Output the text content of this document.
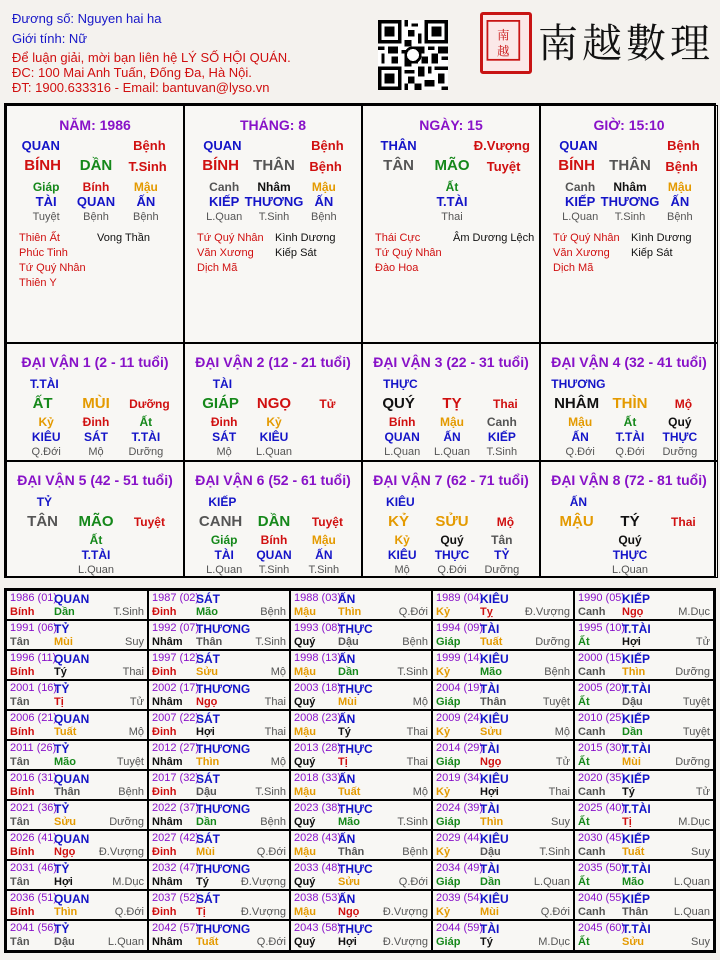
Đương số: Nguyen hai ha
Giới tính: Nữ
Để luận giải, mời bạn liên hệ LÝ SỐ HỘI QUÁN.
ĐC: 100 Mai Anh Tuấn, Đống Đa, Hà Nội.
ĐT: 1900.633316 - Email: bantuvan@lyso.vn
南
越 南越數理
NĂM: 1986
QUAN	Bệnh
BÍNH DẦN T.Sinh
Giáp
TÀI
Tuyệt
Bính
QUAN
Bệnh
Mậu
ẤN
Bệnh
Thiên Ất	Vong Thần
Phúc Tinh
Tứ Quý Nhân
Thiên Y
THÁNG: 8
QUAN	Bệnh
BÍNH THÂN Bệnh
Canh
KIẾP
L.Quan
Nhâm
THƯƠNG
T.Sinh
Mậu
ẤN
Bệnh
Tứ Quý Nhân Kình Dương
Văn Xương Kiếp Sát
Dịch Mã
NGÀY: 15
THÂN	Đ.Vượng
TÂN MÃO Tuyệt
Ất
T.TÀI
Thai
Thái Cực	Âm Dương Lệch
Tứ Quý Nhân
Đào Hoa
GIỜ: 15:10
QUAN	Bệnh
BÍNH THÂN Bệnh
Canh
KIẾP
L.Quan
Nhâm
THƯƠNG
T.Sinh
Mậu
ẤN
Bệnh
Tứ Quý Nhân Kình Dương
Văn Xương Kiếp Sát
Dịch Mã
ĐẠI VẬN 1 (2 - 11 tuổi)
T.TÀI
ẤT MÙI Dưỡng
Kỷ
KIÊU
Q.Đới
Đinh
SÁT
Mộ
Ất
T.TÀI
Dưỡng
ĐẠI VẬN 2 (12 - 21 tuổi)
TÀI
GIÁP NGỌ Tử
Đinh
SÁT
Mộ
Kỷ
KIÊU
L.Quan
ĐẠI VẬN 3 (22 - 31 tuổi)
THỰC
QUÝ TỴ	Thai
Bính
QUAN
L.Quan
Mậu
ẤN
L.Quan
Canh
KIẾP
T.Sinh
ĐẠI VẬN 4 (32 - 41 tuổi)
THƯƠNG
NHÂM THÌN Mộ
Mậu
ẤN
Q.Đới
Ất
T.TÀI
Q.Đới
Quý
THỰC
Dưỡng
ĐẠI VẬN 5 (42 - 51 tuổi)
TỶ
TÂN MÃO Tuyệt
Ất
T.TÀI
L.Quan
ĐẠI VẬN 6 (52 - 61 tuổi)
KIẾP
CANH DẦN Tuyệt
Giáp
TÀI
L.Quan
Bính
QUAN
T.Sinh
Mậu
ẤN
T.Sinh
ĐẠI VẬN 7 (62 - 71 tuổi)
KIÊU
KỶ SỬU Mộ
Kỷ
KIÊU
Mộ
Quý
THỰC
Q.Đới
Tân
TỶ
Dưỡng
ĐẠI VẬN 8 (72 - 81 tuổi)
ẤN
MẬU TÝ	Thai
Quý
THỰC
L.Quan
1986 (01)
QUAN
Bính Dần	T.Sinh
1987 (02)
SÁT
Đinh Mão	Bệnh
1988 (03)
ẤN
Mậu Thìn	Q.Đới
1989 (04)
KIÊU
Kỷ	Tỵ	Đ.Vượng
1990 (05)
KIẾP
Canh Ngọ	M.Dục
1991 (06)
TỶ
Tân Mùi	Suy
1992 (07)
THƯƠNG
Nhâm Thân	T.Sinh
1993 (08)
THỰC
Quý Dậu	Bệnh
1994 (09)
TÀI
Giáp Tuất	Dưỡng
1995 (10)
T.TÀI
Ất	Hợi	Tử
1996 (11)
QUAN
Bính Tý	Thai
1997 (12)
SÁT
Đinh Sửu	Mộ
1998 (13)
ẤN
Mậu Dần	T.Sinh
1999 (14)
KIÊU
Kỷ	Mão	Bệnh
2000 (15)
KIẾP
Canh Thìn	Dưỡng
2001 (16)
TỶ
Tân Tị	Tử
2002 (17)
THƯƠNG
Nhâm Ngọ	Thai
2003 (18)
THỰC
Quý Mùi	Mộ
2004 (19)
TÀI
Giáp Thân	Tuyệt
2005 (20)
T.TÀI
Ất	Dậu	Tuyệt
2006 (21)
QUAN
Bính Tuất	Mộ
2007 (22)
SÁT
Đinh Hợi	Thai
2008 (23)
ẤN
Mậu Tý	Thai
2009 (24)
KIÊU
Kỷ	Sửu	Mộ
2010 (25)
KIẾP
Canh Dần	Tuyệt
2011 (26)
TỶ
Tân Mão	Tuyệt
2012 (27)
THƯƠNG
Nhâm Thìn	Mộ
2013 (28)
THỰC
Quý Tị	Thai
2014 (29)
TÀI
Giáp Ngọ	Tử
2015 (30)
T.TÀI
Ất	Mùi	Dưỡng
2016 (31)
QUAN
Bính Thân	Bệnh
2017 (32)
SÁT
Đinh Dậu	T.Sinh
2018 (33)
ẤN
Mậu Tuất	Mộ
2019 (34)
KIÊU
Kỷ	Hợi	Thai
2020 (35)
KIẾP
Canh Tý	Tử
2021 (36)
TỶ
Tân Sửu	Dưỡng
2022 (37)
THƯƠNG
Nhâm Dần	Bệnh
2023 (38)
THỰC
Quý Mão	T.Sinh
2024 (39)
TÀI
Giáp Thìn	Suy
2025 (40)
T.TÀI
Ất	Tị	M.Dục
2026 (41)
QUAN
Bính Ngọ Đ.Vượng
2027 (42)
SÁT
Đinh Mùi	Q.Đới
2028 (43)
ẤN
Mậu Thân	Bệnh
2029 (44)
KIÊU
Kỷ	Dậu	T.Sinh
2030 (45)
KIẾP
Canh Tuất	Suy
2031 (46)
TỶ
Tân Hợi	M.Dục
2032 (47)
THƯƠNG
Nhâm Tý	Đ.Vượng
2033 (48)
THỰC
Quý Sửu	Q.Đới
2034 (49)
TÀI
Giáp Dần	L.Quan
2035 (50)
T.TÀI
Ất	Mão	L.Quan
2036 (51)
QUAN
Bính Thìn	Q.Đới
2037 (52)
SÁT
Đinh Tị	Đ.Vượng
2038 (53)
ẤN
Mậu Ngọ Đ.Vượng
2039 (54)
KIÊU
Kỷ	Mùi	Q.Đới
2040 (55)
KIẾP
Canh Thân L.Quan
2041 (56)
TỶ
Tân Dậu	L.Quan
2042 (57)
THƯƠNG
Nhâm Tuất	Q.Đới
2043 (58)
THỰC
Quý Hợi Đ.Vượng
2044 (59)
TÀI
Giáp Tý	M.Dục
2045 (60)
T.TÀI
Ất	Sửu	Suy
